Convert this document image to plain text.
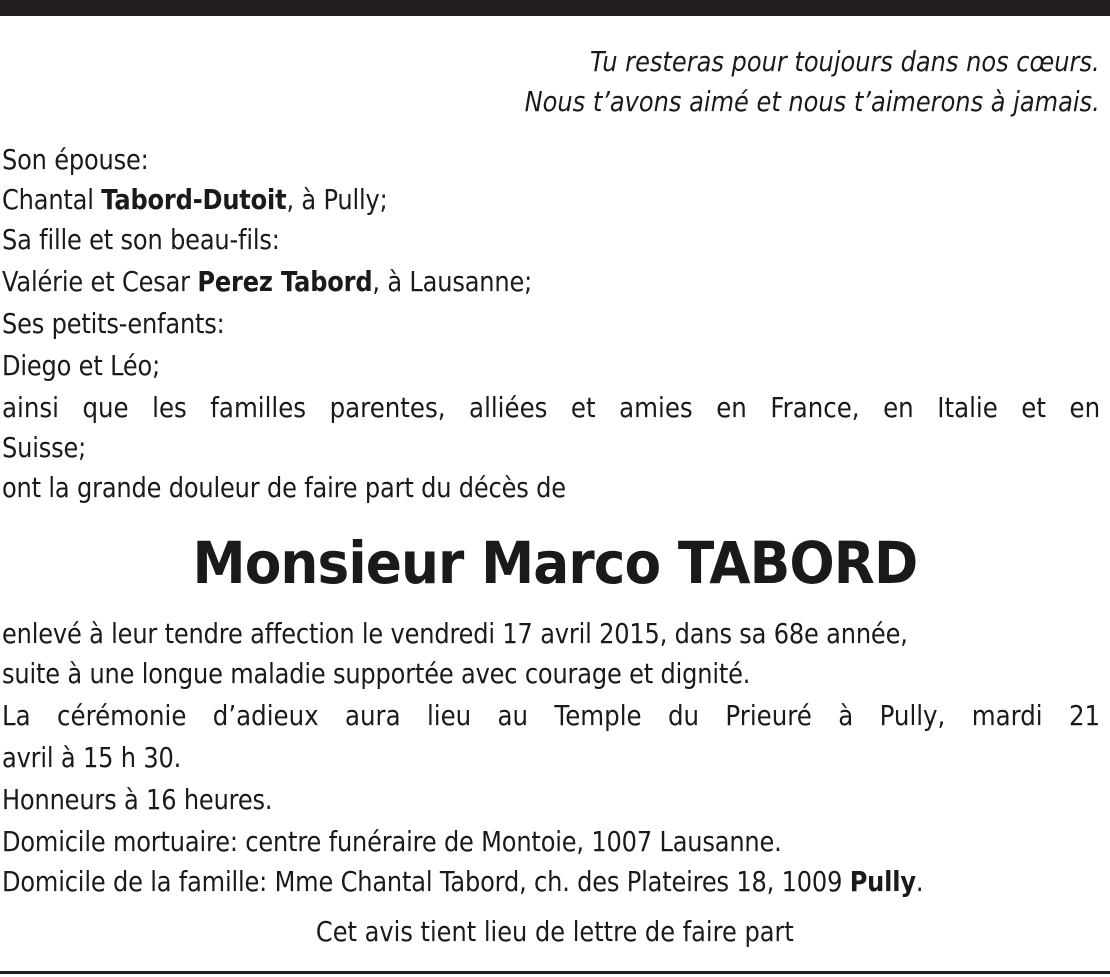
Tu resteras pour toujours dans nos cœurs.
Nous t’avons aimé et nous t’aimerons à jamais.
Son épouse:
Chantal Tabord-Dutoit, à Pully;
Sa fille et son beau-fils:
Valérie et Cesar Perez Tabord, à Lausanne;
Ses petits-enfants:
Diego et Léo;
ainsi que les familles parentes, alliées et amies en France, en Italie et en
Suisse;
ont la grande douleur de faire part du décès de
Monsieur Marco TABORD
enlevé à leur tendre affection le vendredi 17 avril 2015, dans sa 68e année,
suite à une longue maladie supportée avec courage et dignité.
La cérémonie d’adieux aura lieu au Temple du Prieuré à Pully, mardi 21
avril à 15 h 30.
Honneurs à 16 heures.
Domicile mortuaire: centre funéraire de Montoie, 1007 Lausanne.
Domicile de la famille: Mme Chantal Tabord, ch. des Plateires 18, 1009 Pully.
Cet avis tient lieu de lettre de faire part
